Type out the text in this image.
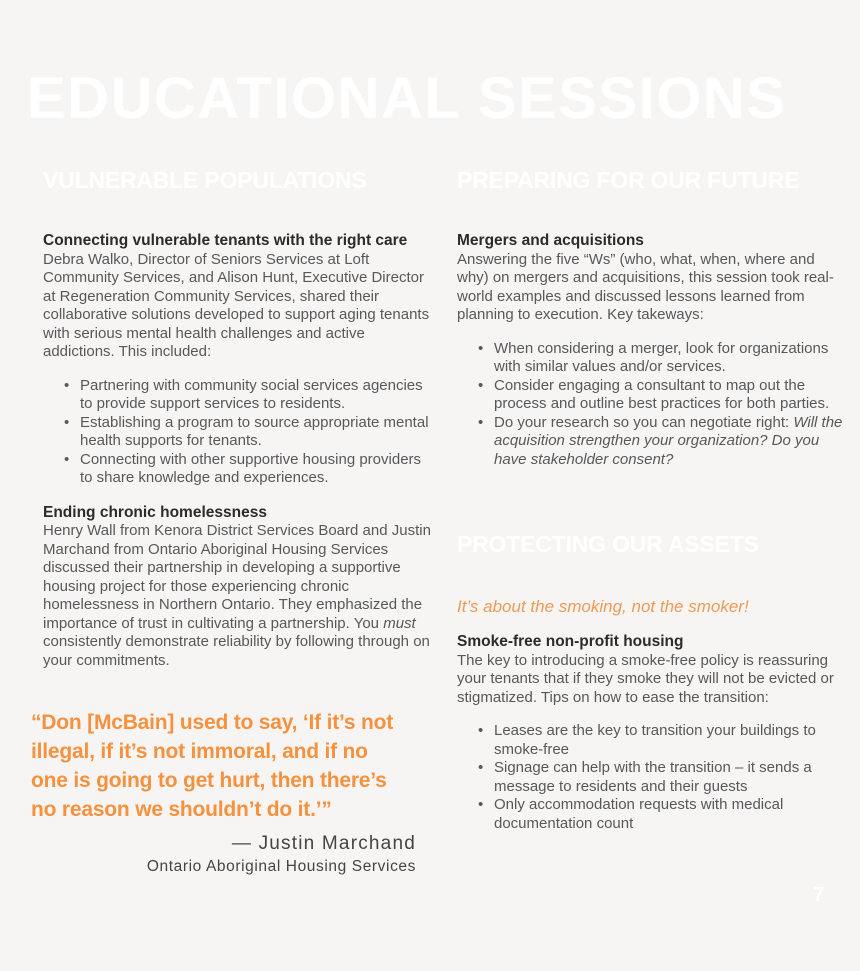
EDUCATIONAL SESSIONS
VULNERABLE POPULATIONS
Connecting vulnerable tenants with the right care

Debra Walko, Director of Seniors Services at Loft Community Services, and Alison Hunt, Executive Director at Regeneration Community Services, shared their collaborative solutions developed to support aging tenants with serious mental health challenges and active addictions. This included:

• Partnering with community social services agencies to provide support services to residents.
• Establishing a program to source appropriate mental health supports for tenants.
• Connecting with other supportive housing providers to share knowledge and experiences.
Ending chronic homelessness

Henry Wall from Kenora District Services Board and Justin Marchand from Ontario Aboriginal Housing Services discussed their partnership in developing a supportive housing project for those experiencing chronic homelessness in Northern Ontario. They emphasized the importance of trust in cultivating a partnership. You must consistently demonstrate reliability by following through on your commitments.

“Don [McBain] used to say, ‘If it’s not
illegal, if it’s not immoral, and if no
one is going to get hurt, then there’s
no reason we shouldn’t do it.’”
— Justin Marchand
Ontario Aboriginal Housing Services
PREPARING FOR OUR FUTURE
Mergers and acquisitions

Answering the five “Ws” (who, what, when, where and why) on mergers and acquisitions, this session took real-world examples and discussed lessons learned from planning to execution. Key takeways:

• When considering a merger, look for organizations with similar values and/or services.
• Consider engaging a consultant to map out the process and outline best practices for both parties.
• Do your research so you can negotiate right: Will the acquisition strengthen your organization? Do you have stakeholder consent?
PROTECTING OUR ASSETS
It’s about the smoking, not the smoker!
Smoke-free non-profit housing

The key to introducing a smoke-free policy is reassuring your tenants that if they smoke they will not be evicted or stigmatized. Tips on how to ease the transition:

• Leases are the key to transition your buildings to smoke-free
• Signage can help with the transition – it sends a message to residents and their guests
• Only accommodation requests with medical documentation count
7
